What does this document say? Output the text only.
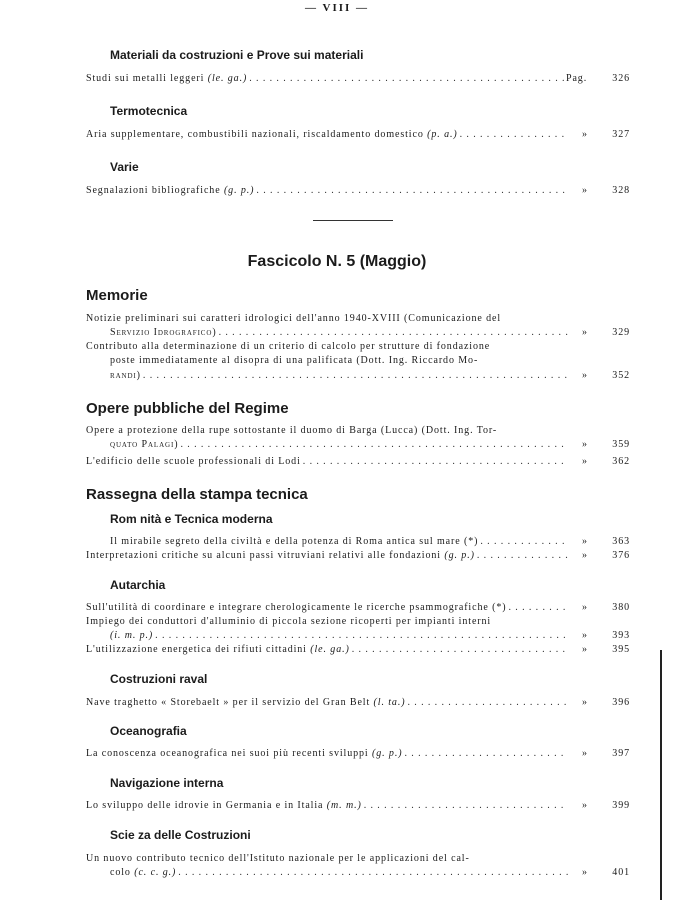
— VIII —
Materiali da costruzioni e Prove sui materiali
Studi sui metalli leggeri (le. ga.) . . .	Pag.	326
Termotecnica
Aria supplementare, combustibili nazionali, riscaldamento domestico (p. a.) . . .	»	327
Varie
Segnalazioni bibliografiche (g. p.) . . .	»	328
Fascicolo N. 5 (Maggio)
Memorie
Notizie preliminari sui caratteri idrologici dell'anno 1940-XVIII (Comunicazione del
Servizio Idrografico) . . .	»	329
Contributo alla determinazione di un criterio di calcolo per strutture di fondazione
poste immediatamente al disopra di una palificata (Dott. Ing. Riccardo Mo-
randi) . . .	»	352
Opere pubbliche del Regime
Opere a protezione della rupe sottostante il duomo di Barga (Lucca) (Dott. Ing. Tor-
quato Palagi) . . .	»	359
L'edificio delle scuole professionali di Lodi . . .	»	362
Rassegna della stampa tecnica
Rom nità e Tecnica moderna
Il mirabile segreto della civiltà e della potenza di Roma antica sul mare (*) . . .	»	363
Interpretazioni critiche su alcuni passi vitruviani relativi alle fondazioni (g. p.) . . .	»	376
Autarchia
Sull'utilità di coordinare e integrare cherologicamente le ricerche psammografiche (*) . . .	»	380
Impiego dei conduttori d'alluminio di piccola sezione ricoperti per impianti interni
(i. m. p.) . . .	»	393
L'utilizzazione energetica dei rifiuti cittadini (le. ga.) . . .	»	395
Costruzioni raval
Nave traghetto « Storebaelt » per il servizio del Gran Belt (l. ta.) . . .	»	396
Oceanografia
La conoscenza oceanografica nei suoi più recenti sviluppi (g. p.) . . .	»	397
Navigazione interna
Lo sviluppo delle idrovie in Germania e in Italia (m. m.) . . .	»	399
Scie za delle Costruzioni
Un nuovo contributo tecnico dell'Istituto nazionale per le applicazioni del cal-
colo (c. c. g.) . . .	»	401
